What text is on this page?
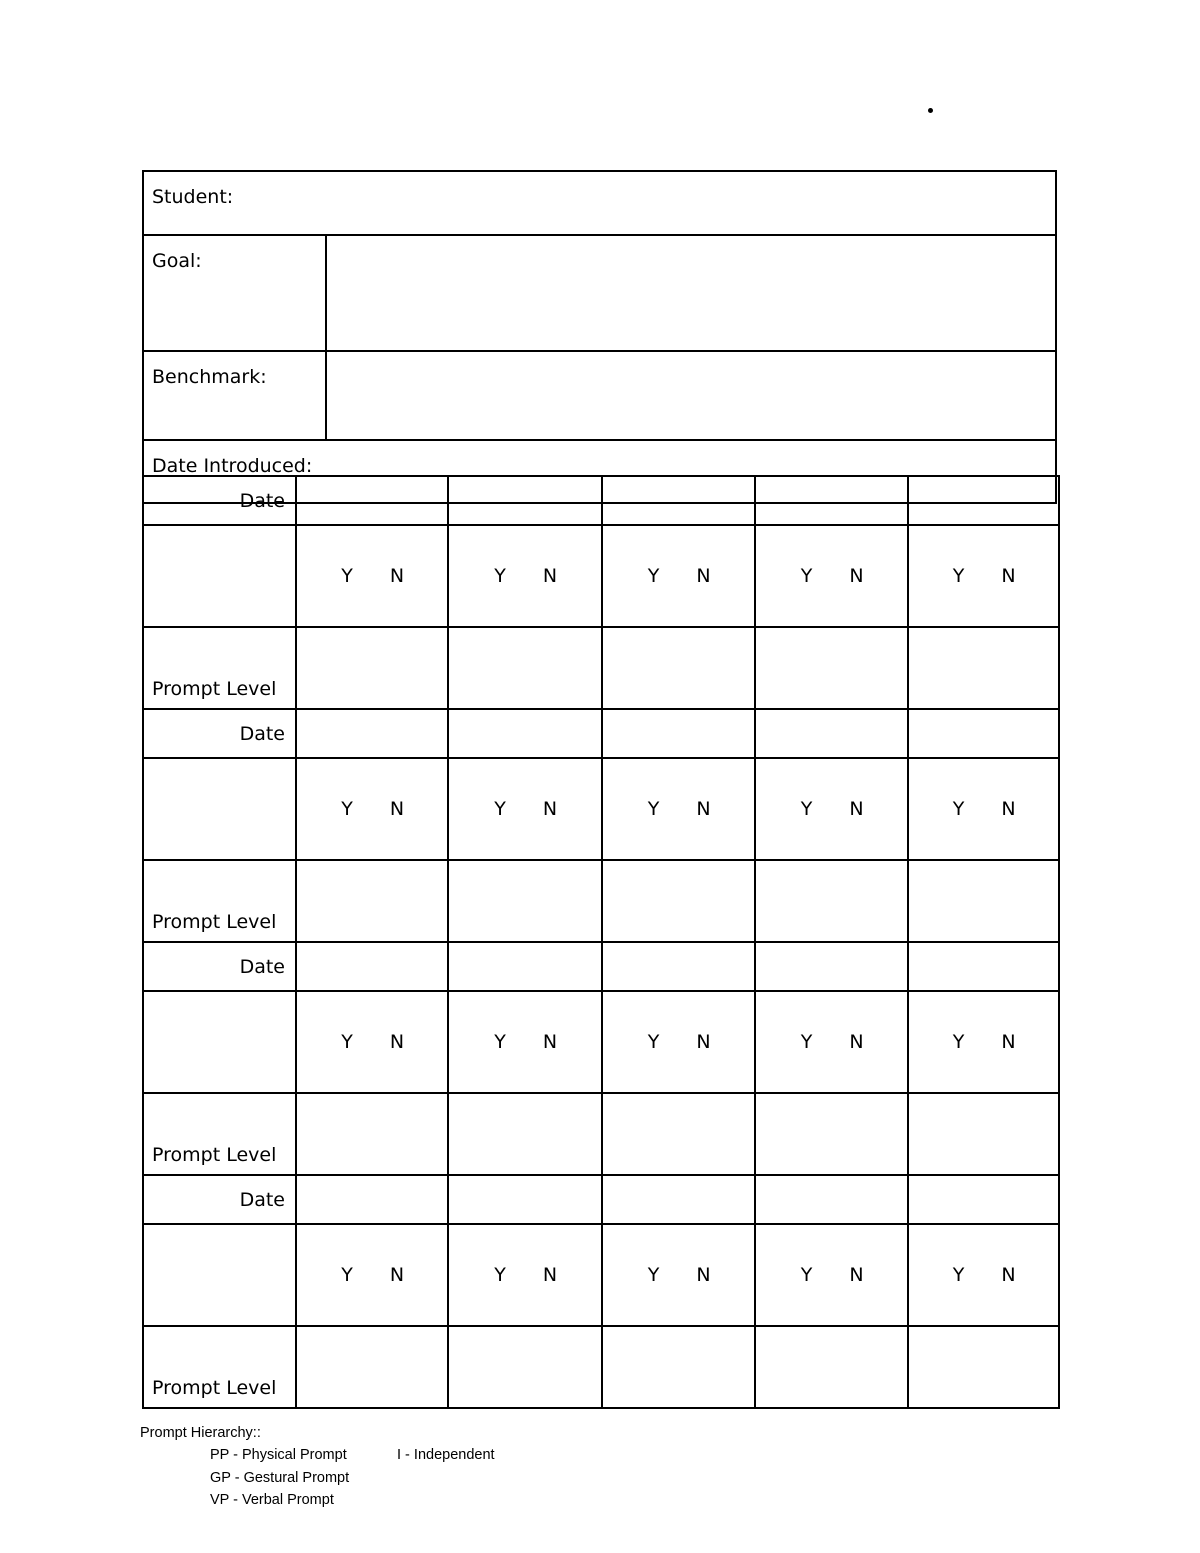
Student:	
Goal:	
Benchmark:	
Date Introduced:	
Date					
	Y N	Y N	Y N	Y N	Y N
Prompt Level					
Date					
	Y N	Y N	Y N	Y N	Y N
Prompt Level					
Date					
	Y N	Y N	Y N	Y N	Y N
Prompt Level					
Date					
	Y N	Y N	Y N	Y N	Y N
Prompt Level					
Prompt Hierarchy::
PP - Physical Prompt	I - Independent
GP - Gestural Prompt
VP - Verbal Prompt
